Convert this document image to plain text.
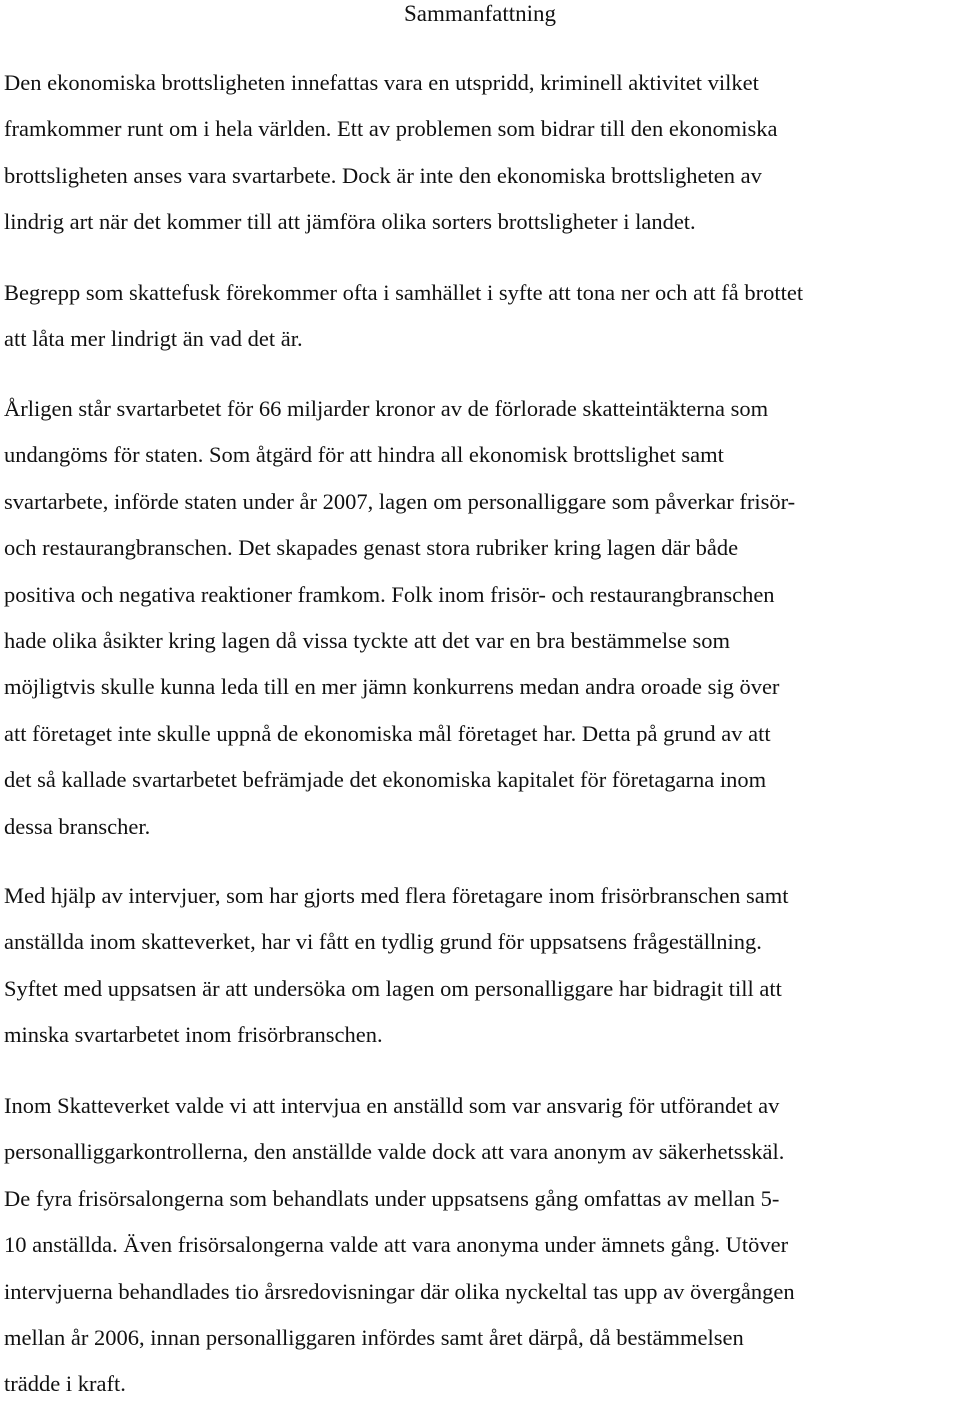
Sammanfattning
Den ekonomiska brottsligheten innefattas vara en utspridd, kriminell aktivitet vilket
framkommer runt om i hela världen. Ett av problemen som bidrar till den ekonomiska
brottsligheten anses vara svartarbete. Dock är inte den ekonomiska brottsligheten av
lindrig art när det kommer till att jämföra olika sorters brottsligheter i landet.
Begrepp som skattefusk förekommer ofta i samhället i syfte att tona ner och att få brottet
att låta mer lindrigt än vad det är.
Årligen står svartarbetet för 66 miljarder kronor av de förlorade skatteintäkterna som
undangöms för staten. Som åtgärd för att hindra all ekonomisk brottslighet samt
svartarbete, införde staten under år 2007, lagen om personalliggare som påverkar frisör-
och restaurangbranschen. Det skapades genast stora rubriker kring lagen där både
positiva och negativa reaktioner framkom. Folk inom frisör- och restaurangbranschen
hade olika åsikter kring lagen då vissa tyckte att det var en bra bestämmelse som
möjligtvis skulle kunna leda till en mer jämn konkurrens medan andra oroade sig över
att företaget inte skulle uppnå de ekonomiska mål företaget har. Detta på grund av att
det så kallade svartarbetet befrämjade det ekonomiska kapitalet för företagarna inom
dessa branscher.
Med hjälp av intervjuer, som har gjorts med flera företagare inom frisörbranschen samt
anställda inom skatteverket, har vi fått en tydlig grund för uppsatsens frågeställning.
Syftet med uppsatsen är att undersöka om lagen om personalliggare har bidragit till att
minska svartarbetet inom frisörbranschen.
Inom Skatteverket valde vi att intervjua en anställd som var ansvarig för utförandet av
personalliggarkontrollerna, den anställde valde dock att vara anonym av säkerhetsskäl.
De fyra frisörsalongerna som behandlats under uppsatsens gång omfattas av mellan 5-
10 anställda. Även frisörsalongerna valde att vara anonyma under ämnets gång. Utöver
intervjuerna behandlades tio årsredovisningar där olika nyckeltal tas upp av övergången
mellan år 2006, innan personalliggaren infördes samt året därpå, då bestämmelsen
trädde i kraft.
